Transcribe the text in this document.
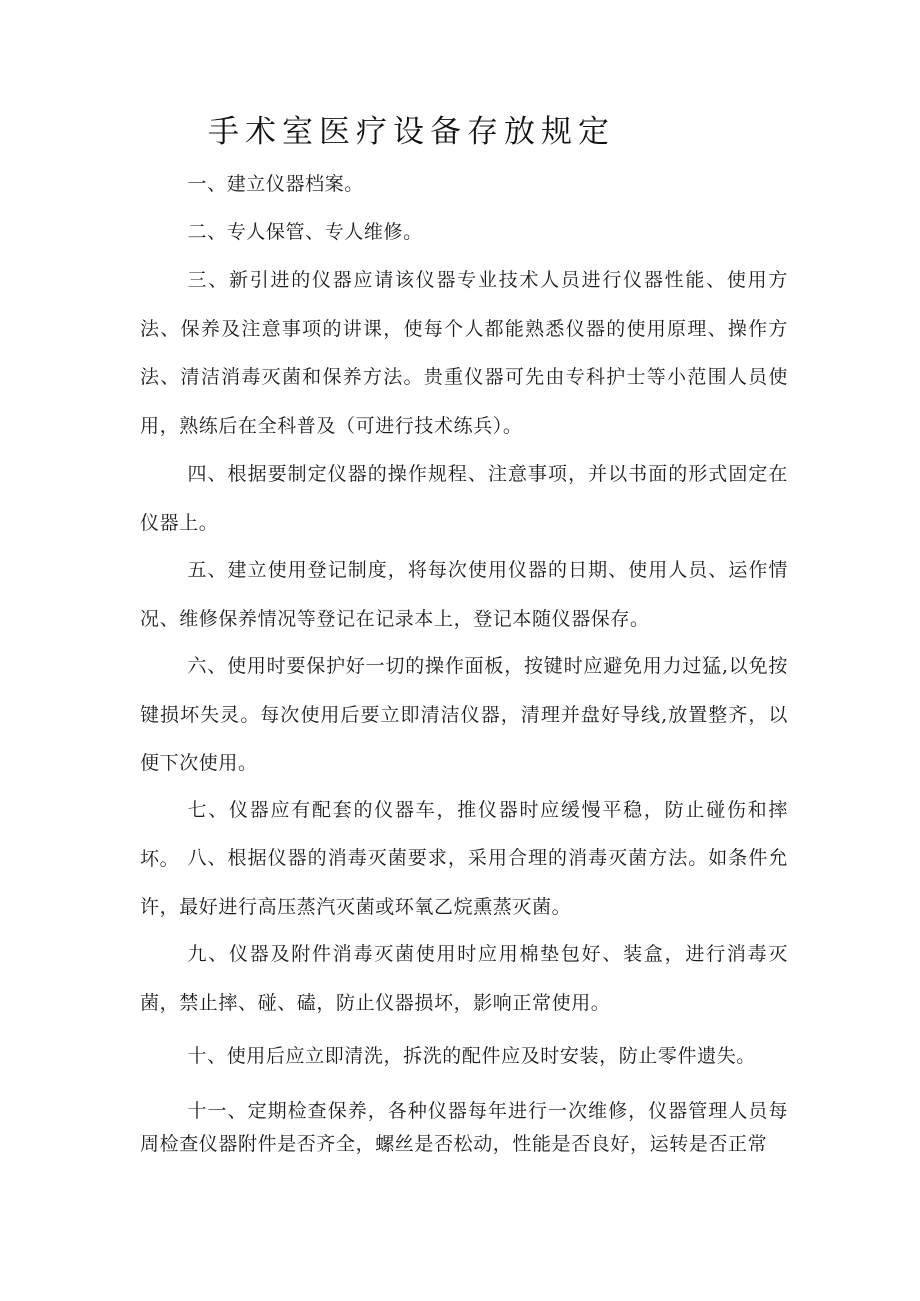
手术室医疗设备存放规定

一、建立仪器档案。

二、专人保管、专人维修。

三、新引进的仪器应请该仪器专业技术人员进行仪器性能、使用方法、保养及注意事项的讲课，使每个人都能熟悉仪器的使用原理、操作方法、清洁消毒灭菌和保养方法。贵重仪器可先由专科护士等小范围人员使用，熟练后在全科普及（可进行技术练兵）。

四、根据要制定仪器的操作规程、注意事项，并以书面的形式固定在仪器上。

五、建立使用登记制度，将每次使用仪器的日期、使用人员、运作情况、维修保养情况等登记在记录本上，登记本随仪器保存。

六、使用时要保护好一切的操作面板，按键时应避免用力过猛,以免按键损坏失灵。每次使用后要立即清洁仪器，清理并盘好导线,放置整齐，以便下次使用。

七、仪器应有配套的仪器车，推仪器时应缓慢平稳，防止碰伤和摔坏。 八、根据仪器的消毒灭菌要求，采用合理的消毒灭菌方法。如条件允许，最好进行高压蒸汽灭菌或环氧乙烷熏蒸灭菌。

九、仪器及附件消毒灭菌使用时应用棉垫包好、装盒，进行消毒灭菌，禁止摔、碰、磕，防止仪器损坏，影响正常使用。

十、使用后应立即清洗，拆洗的配件应及时安装，防止零件遗失。

十一、定期检查保养，各种仪器每年进行一次维修，仪器管理人员每周检查仪器附件是否齐全，螺丝是否松动，性能是否良好，运转是否正常
